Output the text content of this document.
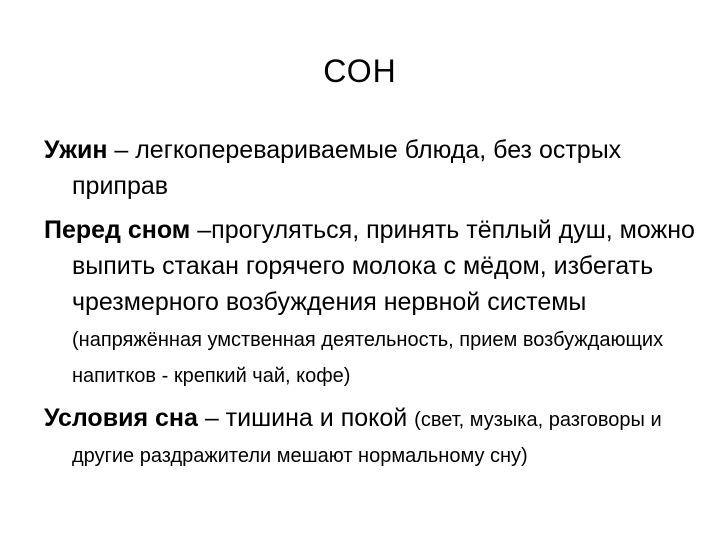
СОН

Ужин – легкоперевариваемые блюда, без острых приправ

Перед сном –прогуляться, принять тёплый душ, можно выпить стакан горячего молока с мёдом, избегать чрезмерного возбуждения нервной системы (напряжённая умственная деятельность, прием возбуждающих напитков - крепкий чай, кофе)

Условия сна – тишина и покой (свет, музыка, разговоры и другие раздражители мешают нормальному сну)
